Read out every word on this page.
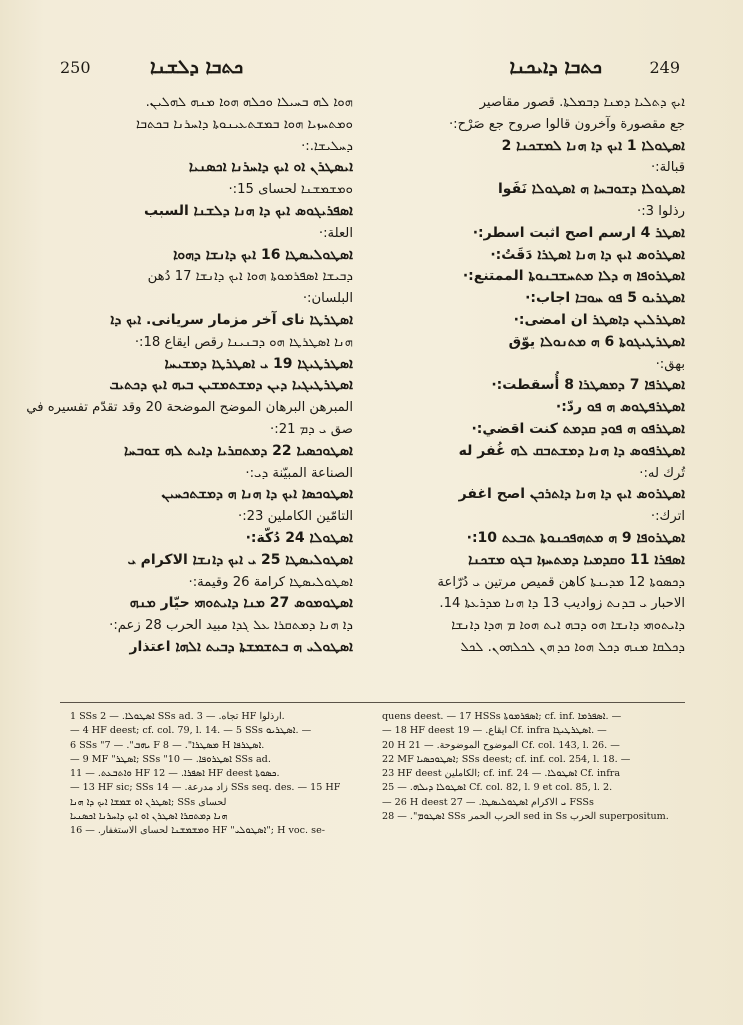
250	ܟܬܒܐ ܕܠܫܢܐ	ܟܬܒܐ ܕܐܝܟܢܐ	249
ܗܘܐ ܠܗ ܒܚܝܠܐ ܘܟܠܗ ܗܘܐ ܡܢܗ ܠܗܠܝܢ.
ܘܡܬܚܙܝܐ ܗܘܐ ܒܡܫܬܥܝܢܘܬܐ ܕܐܚܪܢܐ ܒܟܬܒܐ
ܕܚܠܝܫܐ.:·
ܐܝܣܛܪܢ ܐܘ ܐܝܟ ܕܐܚܪܢܐ ܐܟܣܢܝܐ
ܘܡܫܡܫܢܐ لحساى 15:·
ܐܣܦܪܝܓܘܣ ܐܝܟ ܕܐ ܗܢܐ ܕܠܫܢܐ السبب
العلة:·
ܐܣܛܘܠܝܣܛܐ 16 ܐܝܟ ܕܐܢܫܐ ܕܗܘܐ
ܕܒܝܫܐ ܐܣܦܪܡܘܬܐ ܗܘܐ ܐܝܟ ܕܐܢܫܐ 17 دُهن
البلسان:·
ܐܣܛܪܛܐ نای آخر مزمار سریانی. ܐܝܟ ܕܐ
ܗܢܐ ܐܣܛܪܛܐ ܗܘ ܕܒܢܝܢܐ رقص ايقاع 18:·
ܐܣܛܪܛܝܓܐ 19 ܝ ܐܣܛܪܛܐ ܕܡܫܝܚܐ
ܐܣܛܪܛܝܓܝܐ ܕܝܢ ܕܡܫܬܡܫܝܢ ܒܝܗ ܐܝܟ ܕܟܬܝܒ
المبرهن البرهان الموضح الموضحة 20 وقد تقدّم تفسيره في
صق ܝ ܕܡ 21:·
ܐܣܛܘܟܣܝܐ 22 ܕܡܬܩܪܝܐ ܕܐܝܬ ܠܗ ܫܘܒܚܐ
الصناعة المبيّنة ܕܝ:·
ܐܣܛܘܟܣܐ ܐܝܟ ܕܐ ܗܢܐ ܗ ܕܡܫܬܟܚܝܢ
التامّين الكاملين 23:·
ܐܣܛܘܠܐ 24 دُكّة:·
ܐܣܛܘܠܝܣܛܐ 25 ܝ ܐܝܟ ܕܐܢܫܐ الاكرام ܝ
ܐܣܛܘܠܝܣܛܐ كرامة 26 وقيمة:·
ܐܣܛܘܡܘܣ 27 ܡܢܐ ܕܐܝܬܘܗܝ حيّار ܡܢܗ
ܕܐ ܗܢܐ ܕܡܬܩܪܐ ܥܠ ܓܕܐ مبيد الحرب 28 زعم:·
ܐܣܛܘܠܝ ܗ ܒܬܫܡܫܬܐ ܕܒܝܬ ܐܠܗܐ اعتذار
ܐܝܟ ܕܬܠܝܐ ܕܡܢܐ ܕܒܡܠܬܐ. قصور مقاصير
جع مقصورة وآخرون قالوا صروح جع صَرْح:·
ܐܣܛܘܠܐ 1 ܐܝܟ ܕܐ ܗܢܐ ܠܡܫܟܢܐ 2
قبالة:·
ܐܣܛܘܠܐ ܕܫܘܒܚܐ ܗ ܐܣܛܘܠܐ نَفَوا
رذلوا 3:·
ܐܣܛܪ 4 ارسم اصح اثبت اسطر:·
ܐܣܛܪܘܣ ܐܝܟ ܕܐ ܗܢܐ ܐܣܛܪܐ دَقَتُ:·
ܐܣܛܪܘܦܐ ܗ ܕܠܐ ܡܬܚܫܒܢܘܬܐ الممتنع:·
ܐܣܛܪܝܘ 5 ܦܘ ܚܘܒܐ اجاب:·
ܐܣܛܪܠܝܢ ܕܐܣܛܪ ان امضى:·
ܐܣܛܪܛܝܓܘܬܐ 6 ܗ ܡܬܢܘܠܐ يوّق
بهق:·
ܐܣܛܪܦܐ 7 ܕܡܣܛܪܐ 8 أُسقطت:·
ܐܣܛܪܦܛܘܣ ܗ ܦܘ ردّ:·
ܐܣܛܪܦܘ ܗ ܦܘܕ ܩܕܡܬ كنت اقضي:·
ܐܣܛܪܦܘܣ ܕܐ ܗܢܐ ܕܡܫܬܒܩ ܠܗ غُفر له
تُرك له:·
ܐܣܛܪܘܣ ܐܝܟ ܕܐ ܗܢܐ ܕܐܬܪܟܢ اصح اغفر
اترك:·
ܐܣܛܪܘܦܐ 9 ܗ ܡܬܗܦܟܢܘܬܐ ܬܒܥܬ 10:·
ܐܣܦܪܐ 11 ܘܩܕܡܝܐ ܕܡܬܚܙܐ ܒܓܘ ܡܫܟܢܐ
ܕܟܣܘܬܐ 12 ܡܕܝܢܬܐ كاهن قميص مرتين ܝ دُرّاعة
الاحبار ܝ ܒܕܢܬ زواديب 13 ܕܐ ܗܢܐ ܡܕܪܥܬܐ 14.
ܕܐܝܬܘܗܝ ܕܐܢܫܐ ܗܘ ܕܒܗ ܐܝܬ ܗܘܐ ܡ ܗܕܐ ܕܐܢܫܐ
ܕܟܠܩܐ ܡܢܗ ܕܟܠ ܗܘܐ ܟܕ ܗܢ ܠܟܠܗܘܢ. ܠܟܠ
1 SSs ܐܣܛܘܠܐ. — 2 SSs ad. تجاه. — 3 HF ارذلوا.
— 4 HF deest; cf. col. 79, l. 14. — 5 SSs ܐܣܛܪܝܘ. —
6 SSs "ܝܗܒ". — 7 F ܡܣܛܪܐ". — 8 H ܐܣܛܪܦܐ.
— 9 MF "ܐܣܛܪ; SSs "ܐܣܛܪܘܦܐ. — 10 SSs ad.
ܘܐܬܒܥܬ. — 11 HF ܐܣܦܪܐ. — 12 HF deest ܟܣܘܬܐ.
— 13 HF sic; SSs زاد مدرعة. — 14 SSs seq. des. — 15 HF
ܐܣܛܪܢ ܐܘ ܫܡܫܐ ܐܝܟ ܕܐ ܗܢܐ; SSs لحساى
ܗܢܐ ܕܡܬܩܪܐ ܐܣܛܪܢ ܐܘ ܐܝܟ ܕܐܚܪܢܐ ܐܟܣܢܝܐ
ܘܡܫܡܫܢܐ لحساى الاستغفار. — 16 HF "ܐܣܛܘܠܝ"; H voc. se-
quens deest. — 17 HSSs ܐܣܦܪܡܘܬܐ; cf. inf. ܐܣܦܪܡܐ. —
— 18 HF deest ايقاع. — 19 Cf. infra ܐܣܛܪܛܝܓܐ. —
20 H الموضوح الموضوحة. — 21 Cf. col. 143, l. 26. —
22 MF ܐܣܛܘܟܣܝܐ; SSs deest; cf. inf. col. 254, l. 18. —
23 HF deest الكاملين; cf. inf. ܐܣܛܘܠܐ. — 24 Cf. infra
ܐܣܛܘܠܐ ܕܝܠܗ. — 25 Cf. col. 82, l. 9 et col. 85, l. 2.
— 26 H deest ܝ الاكرام ܐܣܛܘܠܝܣܛܐ. — 27 FSSs
ܐܣܛܘܡ". — 28 SSs الحرب الحمر sed in Ss الحرب superpositum.
